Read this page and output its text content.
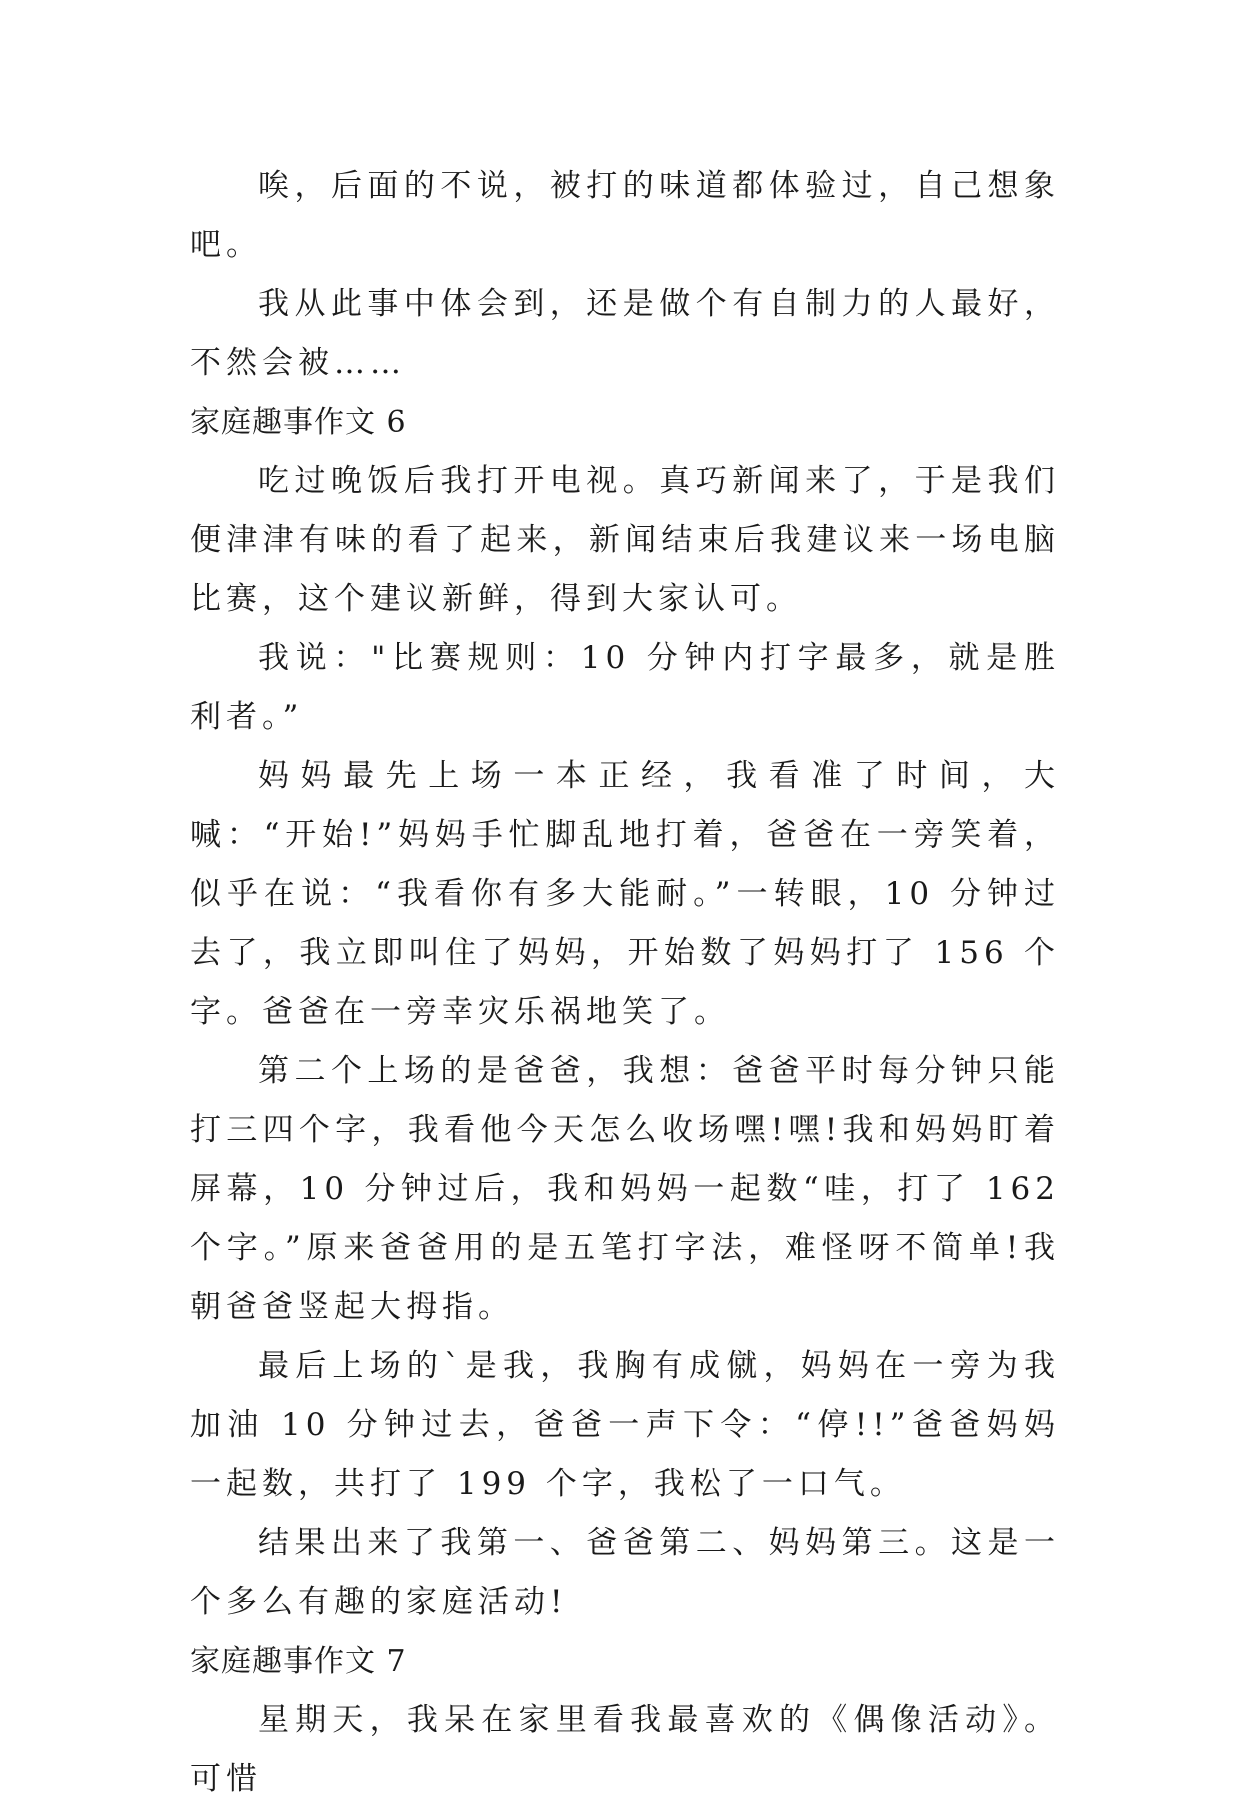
唉，后面的不说，被打的味道都体验过，自己想象吧。

我从此事中体会到，还是做个有自制力的人最好，不然会被……

家庭趣事作文 6

吃过晚饭后我打开电视。真巧新闻来了，于是我们便津津有味的看了起来，新闻结束后我建议来一场电脑比赛，这个建议新鲜，得到大家认可。

我说："比赛规则：10 分钟内打字最多，就是胜利者。”

妈妈最先上场一本正经，我看准了时间，大喊：“开始!”妈妈手忙脚乱地打着，爸爸在一旁笑着，似乎在说：“我看你有多大能耐。”一转眼，10 分钟过去了，我立即叫住了妈妈，开始数了妈妈打了 156 个字。爸爸在一旁幸灾乐祸地笑了。

第二个上场的是爸爸，我想：爸爸平时每分钟只能打三四个字，我看他今天怎么收场嘿!嘿!我和妈妈盯着屏幕，10 分钟过后，我和妈妈一起数“哇，打了 162 个字。”原来爸爸用的是五笔打字法，难怪呀不简单!我朝爸爸竖起大拇指。

最后上场的`是我，我胸有成僦，妈妈在一旁为我加油 10 分钟过去，爸爸一声下令：“停!!”爸爸妈妈一起数，共打了 199 个字，我松了一口气。

结果出来了我第一、爸爸第二、妈妈第三。这是一个多么有趣的家庭活动!

家庭趣事作文 7

星期天，我呆在家里看我最喜欢的《偶像活动》。可惜
